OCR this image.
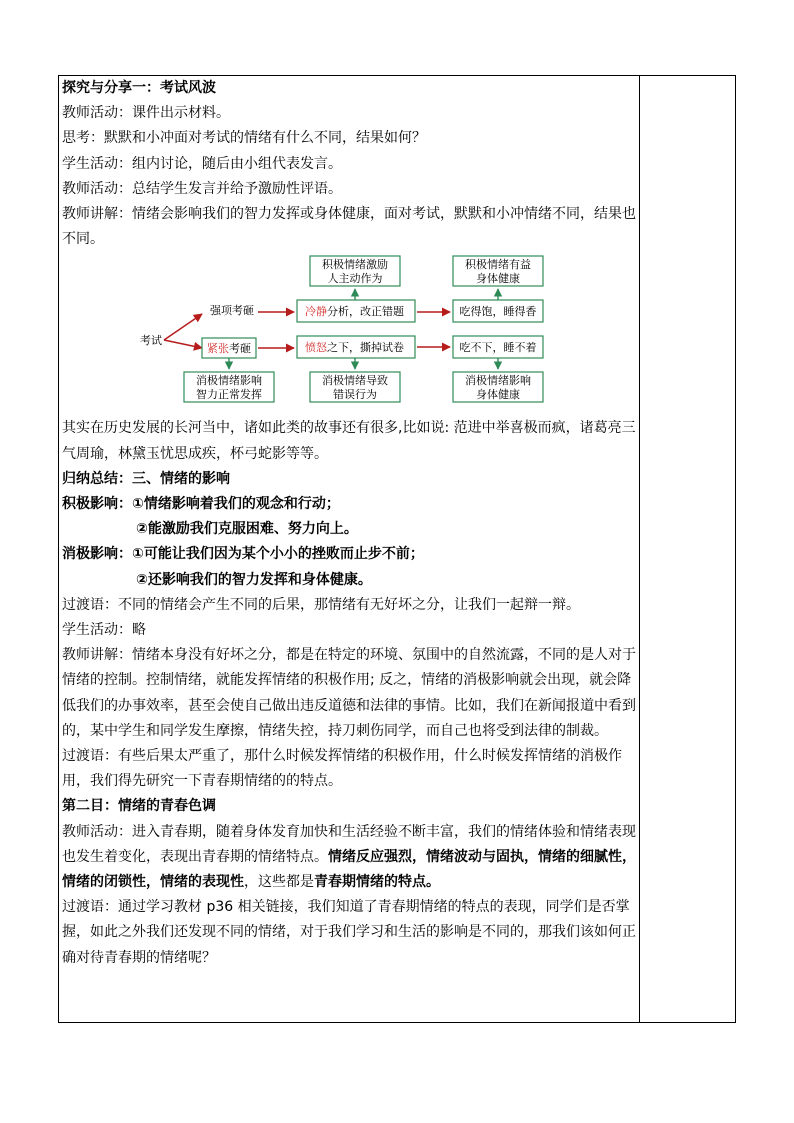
探究与分享一：考试风波

教师活动：课件出示材料。

思考：默默和小冲面对考试的情绪有什么不同，结果如何？

学生活动：组内讨论，随后由小组代表发言。

教师活动：总结学生发言并给予激励性评语。

教师讲解：情绪会影响我们的智力发挥或身体健康，面对考试，默默和小冲情绪不同，结果也不同。

考试
强项考砸
紧张考砸
冷静分析，改正错题
愤怒之下，撕掉试卷
积极情绪激励
人主动作为
吃得饱，睡得香
吃不下，睡不着
积极情绪有益
身体健康
消极情绪影响
智力正常发挥
消极情绪导致
错误行为
消极情绪影响
身体健康

其实在历史发展的长河当中，诸如此类的故事还有很多,比如说: 范进中举喜极而疯，诸葛亮三气周瑜，林黛玉忧思成疾，杯弓蛇影等等。

归纳总结：三、情绪的影响

积极影响：①情绪影响着我们的观念和行动；

②能激励我们克服困难、努力向上。

消极影响：①可能让我们因为某个小小的挫败而止步不前；

②还影响我们的智力发挥和身体健康。

过渡语：不同的情绪会产生不同的后果，那情绪有无好坏之分，让我们一起辩一辩。

学生活动：略

教师讲解：情绪本身没有好坏之分，都是在特定的环境、氛围中的自然流露，不同的是人对于情绪的控制。控制情绪，就能发挥情绪的积极作用; 反之，情绪的消极影响就会出现，就会降低我们的办事效率，甚至会使自己做出违反道德和法律的事情。比如，我们在新闻报道中看到的，某中学生和同学发生摩擦，情绪失控，持刀刺伤同学，而自己也将受到法律的制裁。

过渡语：有些后果太严重了，那什么时候发挥情绪的积极作用，什么时候发挥情绪的消极作用，我们得先研究一下青春期情绪的的特点。

第二目：情绪的青春色调

教师活动：进入青春期，随着身体发育加快和生活经验不断丰富，我们的情绪体验和情绪表现也发生着变化，表现出青春期的情绪特点。情绪反应强烈，情绪波动与固执，情绪的细腻性，情绪的闭锁性，情绪的表现性，这些都是青春期情绪的特点。

过渡语：通过学习教材 p36 相关链接，我们知道了青春期情绪的特点的表现，同学们是否掌握，如此之外我们还发现不同的情绪，对于我们学习和生活的影响是不同的，那我们该如何正确对待青春期的情绪呢？
